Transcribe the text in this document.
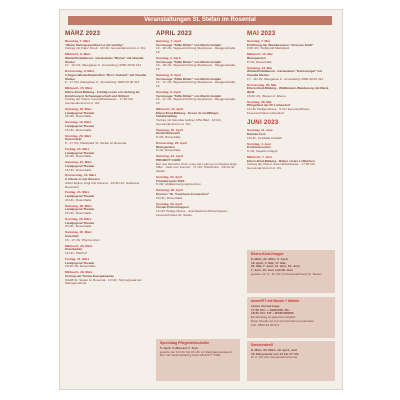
Veranstaltungen St. Stefan im Rosental
MÄRZ 2023
Dienstag, 7. März
"Meine Darmgesundheit ist mir wichtig"
Vortrag mit Franz Friedl · 19 Uhr, Gemeindezentrum 2. OG
Mittwoch, 8. März
Wiederfindelabend · Gartendeko "Blume" mit Claudia Stelzer
17 - 19 Uhr, Alleegasse 9 · Anmeldung: 0680 40 00 314
Donnerstag, 9. März
1-Tages-Wiederfindetreffen "Brot / Gebäck" mit Claudia Stelzer
9 - 17 Uhr, Alleegasse 9 · Anmeldung: 0680 40 00 314
Mittwoch, 15. März
Eltern-Kind-Bildung · Frühlig essen von Anfang an: Ernährung in Schwangerschaft und Stillzeit
Vortrag der Österr. Gesundheitskasse · 17:30 Uhr, Gemeindezentrum 2. OG
Samstag, 18. März
Landjugend Theater
20 Uhr, Rosenhalle
Sonntag, 19. März
Landjugend Theater
15 Uhr, Rosenhalle
Sonntag, 26. März
Ostermarkt
8 - 17 Uhr, Marktplatz St. Stefan im Rosental
Freitag, 24. März
Landjugend Theater
20 Uhr, Rosenhalle
Samstag, 25. März
Landjugend Theater
15 Uhr, Rosenhalle
Donnerstag, 23. März
A tribute to Cat Stevens
Albert Eigner singt Cat Stevens · 19:30 Uhr, Gasthaus Rosenwirt
Freitag, 24. März
Landjugend Theater
20 Uhr, Rosenhalle
Samstag, 25. März
Landjugend Theater
15 Uhr, Rosenhalle
Sonntag, 26. März
Landjugend Theater
20 Uhr, Rosenhalle
Samstag, 30. März
Osterlauf
15 - 17 Uhr, Pfarrzentrum
Mittwoch, 29. März
Osterlaufen
19 Uhr, Pfarrhof
Freitag, 31. März
Landjugend Theater
18:30 Uhr, Rosenhalle
Mittwoch, 29. März
Vortrag mit Thema Energiewende
ÖAAB St. Stefan im Rosental · 19 Uhr, Sitzungssaal der Marktgemeinde
APRIL 2023
Samstag, 1. April
Vernissage "Stille Bilder" von Martin Gutjahr
14 - 18 Uhr, Tageseinrichtung Stephanus · Alleggenstraße 19
Sonntag, 2. April
Vernissage "Stille Bilder" von Martin Gutjahr
10 - 18 Uhr, Tageseinrichtung Stephanus · Alleggenstraße 19
Samstag, 8. April
Vernissage "Stille Bilder" von Martin Gutjahr
14 - 17 Uhr, Tageseinrichtung Stephanus · Alleggenstraße 19
Sonntag, 9. April
Vernissage "Stille Bilder" von Martin Gutjahr
10 - 17 Uhr, Tageseinrichtung Stephanus · Alleggenstraße 19
Mittwoch, 12. April
Eltern-Kind-Bildung · Essen im vielfältigen Familienalltag
Vortrag mit Veronika Gollner, MSc BEd · 18 Uhr, Gemeindezentrum 2. OG
Samstag, 15. April
Kinderflohmarkt
8 Uhr, Rosenhalle
Donnerstag, 20. April
Blutspenden
8 Uhr, Rosenhalle
Samstag, 22. April
PROJECT CHOR
Der neu formierte Chor, unter der Leitung von Regina Nagl-Siller · Gast vom Konzert · 17 Uhr, Pfarrkirche · Kirche St. Stefan
Sonntag, 23. April
Frühjahrsputz 2023
8 Uhr, Abfallentsorgungszentrum
Samstag, 29. April
Konzert "GL Treerbena-Connection"
18 Uhr, Rosenhalle
Sonntag, 30. April
Florian-Frühschoppen
10 Uhr Heilige Messe · anschließend Frühschoppen · Feuerwehrhaus St. Stefan
MAI 2023
Sonntag, 7. Mai
Eröffnung der Wandersaison "Grasses Kraft"
9:30 Uhr, Treffpunkt Marktplatz
Mittwoch, 10. Mai
Blutspenden
8 Uhr, Rosenhalle
Samstag, 13. Mai
Wiederfindelabend · Gartendeko "Gartenengel" mit Claudia Stelzer
17 - 19 Uhr, Alleegasse 9 · Anmeldung: 0680 40 00 314
Donnerstag, 25. Mai
Eltern-Kind-Bildung · Wildkräuter-Wanderung mit Maria Weiß
16:30 Uhr, Wiesen 2. Ebene
Sonntag, 28. Mai
Pfingstfest der FF Lichendorf
10 Uhr Heilige Messe · 9 Uhr Feuerwehrhaus · Feuerwehrhaus Lichendorf
JUNI 2023
Sonntag, 11. Juni
Daheim-Fest
19 Uhr, Festhalle Dollrath
Sonntag, 4. Juni
Erstkömmunion
9 Uhr, Kapelle Grappli
Mittwoch, 7. Juni
Eltern-Kind-Bildung · Babys erstes Löffelchen
Vortrag der Österr. Gesundheitskasse · 17:30 Uhr, Gemeindezentrum 2. OG
Sprechtag Pflegedrehscheibe
5. April, 3. Mai und 7. Juni
jeweils von 13 Uhr bis 16 Uhr im Marktgemeindeamt. Nur mit Voranmeldung unter 0316 877 7481.
Eltern-Kind-Gruppe
8. März, 22. März, 5. April,
19. April, 3. Mai, 17. Mai,
31. Mai, 7. Juni, 14. Juni, 16. Juni,
7. Juni, 16. Juni und 28. Juni
jeweils von 9 - 11 Uhr im Feuerwehrhaus St. Stefan
anoveFIT mit Nicole + Mikrite
immer donnerstags
17:30 Uhr: + GESUND, 50+
18:30 Uhr: FIT + BODYWORK
Ein Einstieg ist jederzeit möglich
Erste Stunde ist zum Kennenlernen kostenlos.
Info: 0664 43 20 571
Seniorentreff
8. März, 20. März, 19. April, und
10. Mai jeweils von 14 bis 17 Uhr
im 2. OG des Gemeindezentrums.
